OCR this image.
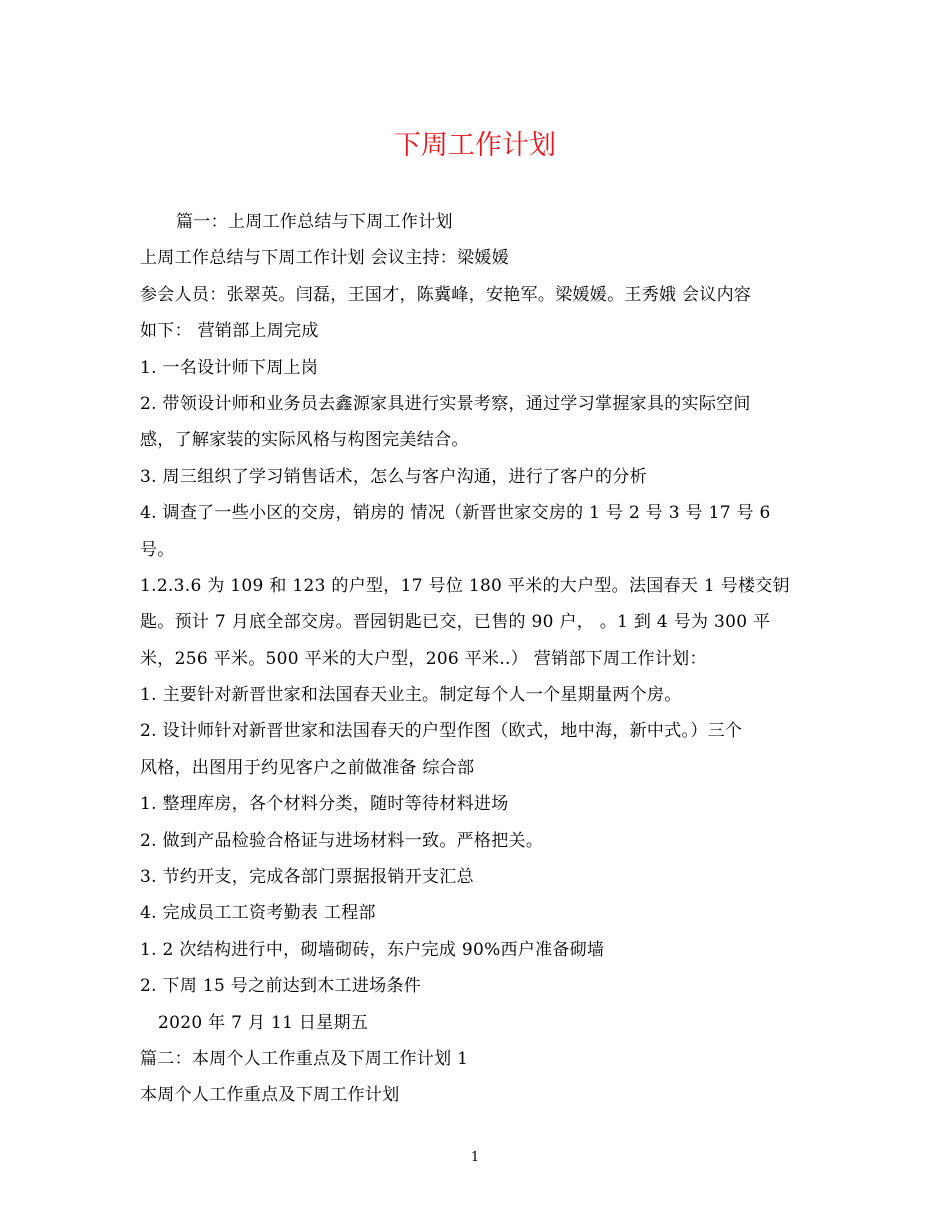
下周工作计划
篇一：上周工作总结与下周工作计划
上周工作总结与下周工作计划 会议主持：梁媛媛
参会人员：张翠英。闫磊，王国才，陈冀峰，安艳军。梁媛媛。王秀娥 会议内容
如下： 营销部上周完成
1. 一名设计师下周上岗
2. 带领设计师和业务员去鑫源家具进行实景考察，通过学习掌握家具的实际空间
感，了解家装的实际风格与构图完美结合。
3. 周三组织了学习销售话术，怎么与客户沟通，进行了客户的分析
4. 调查了一些小区的交房，销房的 情况（新晋世家交房的 1 号 2 号 3 号 17 号 6
号。
1.2.3.6 为 109 和 123 的户型，17 号位 180 平米的大户型。法国春天 1 号楼交钥
匙。预计 7 月底全部交房。晋园钥匙已交，已售的 90 户， 。1 到 4 号为 300 平
米，256 平米。500 平米的大户型，206 平米..） 营销部下周工作计划：
1. 主要针对新晋世家和法国春天业主。制定每个人一个星期量两个房。
2. 设计师针对新晋世家和法国春天的户型作图（欧式，地中海，新中式。）三个
风格，出图用于约见客户之前做准备 综合部
1. 整理库房，各个材料分类，随时等待材料进场
2. 做到产品检验合格证与进场材料一致。严格把关。
3. 节约开支，完成各部门票据报销开支汇总
4. 完成员工工资考勤表 工程部
1. 2 次结构进行中，砌墙砌砖，东户完成 90%西户准备砌墙
2. 下周 15 号之前达到木工进场条件
2020 年 7 月 11 日星期五
篇二：本周个人工作重点及下周工作计划 1
本周个人工作重点及下周工作计划
1
